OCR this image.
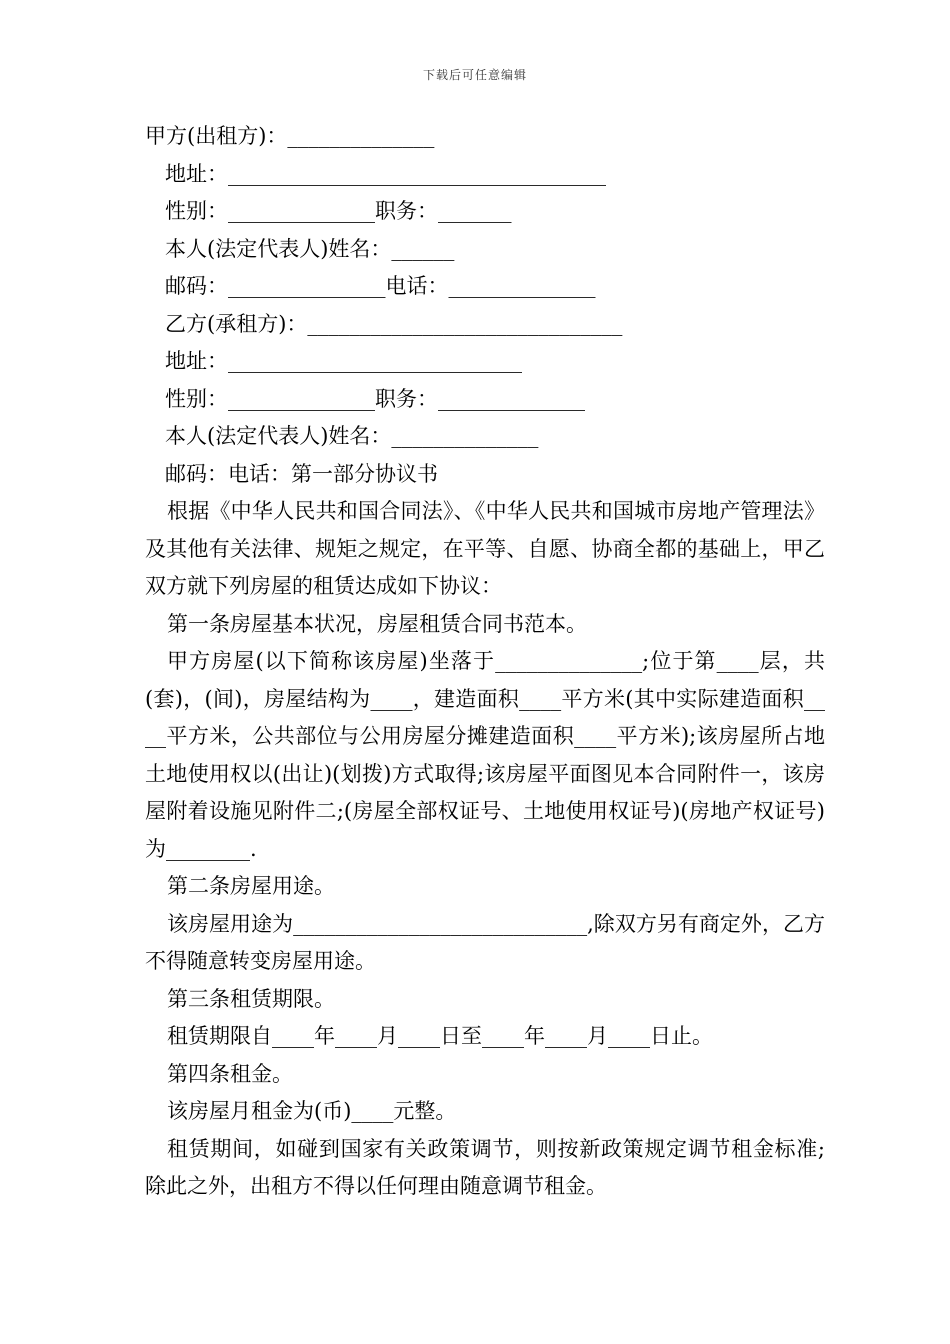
下载后可任意编辑
甲方(出租方)：______________
地址：____________________________________
性别：______________职务：_______
本人(法定代表人)姓名：______
邮码：_______________电话：______________
乙方(承租方)：______________________________
地址：____________________________
性别：______________职务：______________
本人(法定代表人)姓名：______________
邮码：电话：第一部分协议书
根据《中华人民共和国合同法》、《中华人民共和国城市房地产管理法》及其他有关法律、规矩之规定，在平等、自愿、协商全都的基础上，甲乙双方就下列房屋的租赁达成如下协议：
第一条房屋基本状况，房屋租赁合同书范本。
甲方房屋(以下简称该房屋)坐落于______________;位于第____层，共(套)，(间)，房屋结构为____，建造面积____平方米(其中实际建造面积____平方米，公共部位与公用房屋分摊建造面积____平方米);该房屋所占地土地使用权以(出让)(划拨)方式取得;该房屋平面图见本合同附件一，该房屋附着设施见附件二;(房屋全部权证号、土地使用权证号)(房地产权证号)为________.
第二条房屋用途。
该房屋用途为____________________________,除双方另有商定外，乙方不得随意转变房屋用途。
第三条租赁期限。
租赁期限自____年____月____日至____年____月____日止。
第四条租金。
该房屋月租金为(币)____元整。
租赁期间，如碰到国家有关政策调节，则按新政策规定调节租金标准;除此之外，出租方不得以任何理由随意调节租金。
